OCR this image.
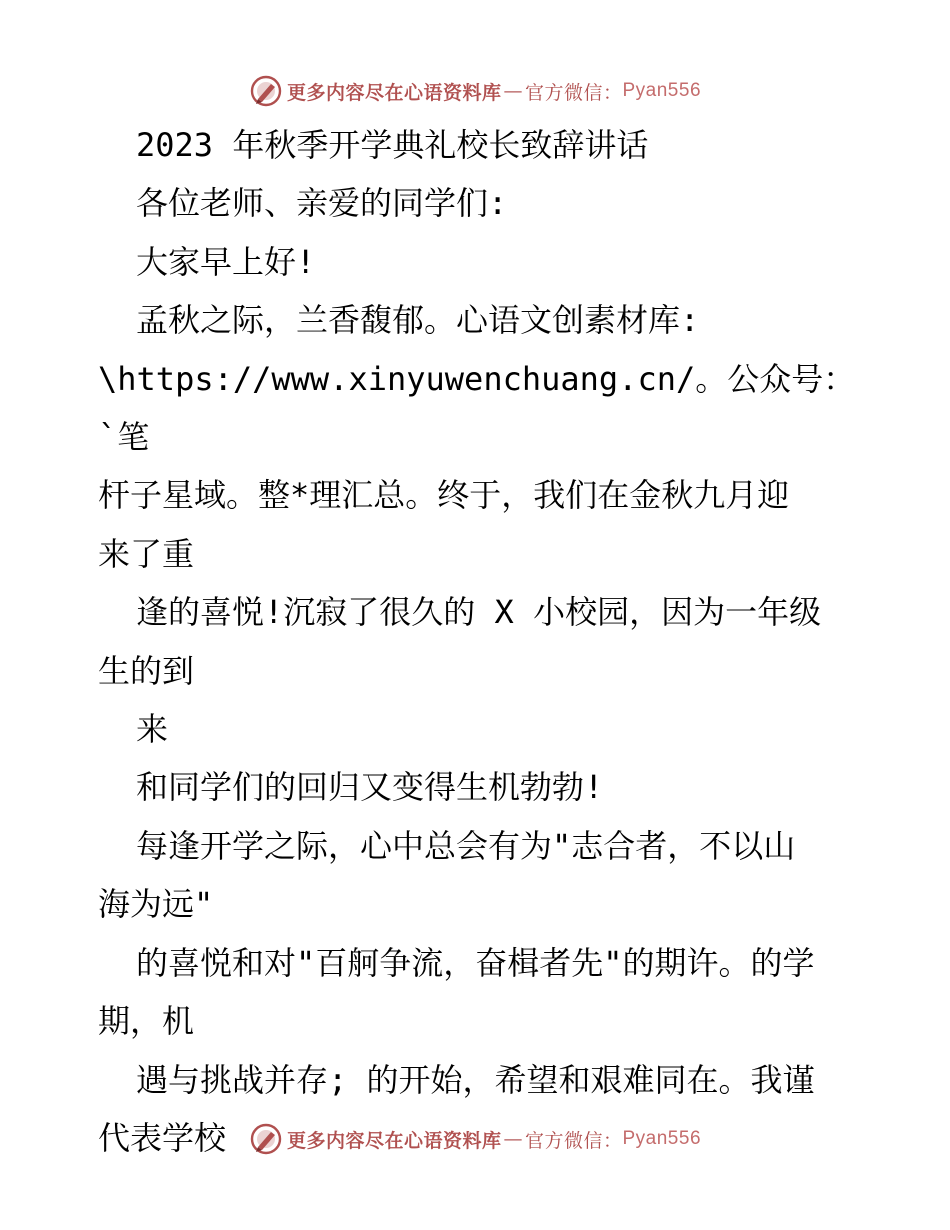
更多内容尽在心语资料库 — 官方微信： Pyan556

2023 年秋季开学典礼校长致辞讲话

各位老师、亲爱的同学们:

大家早上好!

孟秋之际，兰香馥郁。心语文创素材库:

\https://www.xinyuwenchuang.cn/。公众号：`笔

杆子星域。整*理汇总。终于，我们在金秋九月迎

来了重

逢的喜悦!沉寂了很久的 X 小校园，因为一年级

生的到

来

和同学们的回归又变得生机勃勃!

每逢开学之际，心中总会有为"志合者，不以山

海为远"

的喜悦和对"百舸争流，奋楫者先"的期许。的学

期，机

遇与挑战并存; 的开始，希望和艰难同在。我谨

代表学校	更多内容尽在心语资料库 — 官方微信： Pyan556
